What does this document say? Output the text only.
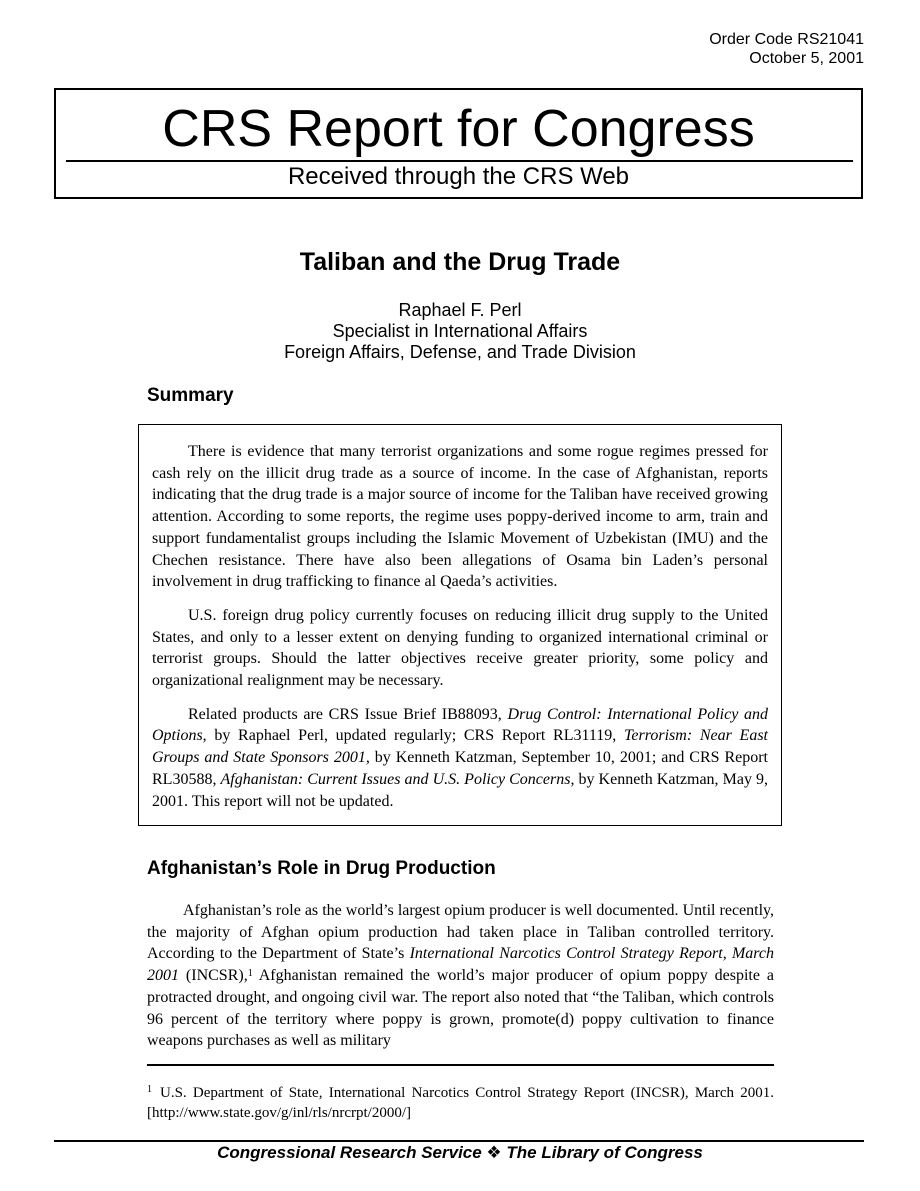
Order Code RS21041
October 5, 2001
CRS Report for Congress
Received through the CRS Web
Taliban and the Drug Trade
Raphael F. Perl
Specialist in International Affairs
Foreign Affairs, Defense, and Trade Division
Summary

There is evidence that many terrorist organizations and some rogue regimes pressed for cash rely on the illicit drug trade as a source of income. In the case of Afghanistan, reports indicating that the drug trade is a major source of income for the Taliban have received growing attention. According to some reports, the regime uses poppy-derived income to arm, train and support fundamentalist groups including the Islamic Movement of Uzbekistan (IMU) and the Chechen resistance. There have also been allegations of Osama bin Laden’s personal involvement in drug trafficking to finance al Qaeda’s activities.

U.S. foreign drug policy currently focuses on reducing illicit drug supply to the United States, and only to a lesser extent on denying funding to organized international criminal or terrorist groups. Should the latter objectives receive greater priority, some policy and organizational realignment may be necessary.

Related products are CRS Issue Brief IB88093, Drug Control: International Policy and Options, by Raphael Perl, updated regularly; CRS Report RL31119, Terrorism: Near East Groups and State Sponsors 2001, by Kenneth Katzman, September 10, 2001; and CRS Report RL30588, Afghanistan: Current Issues and U.S. Policy Concerns, by Kenneth Katzman, May 9, 2001. This report will not be updated.

Afghanistan’s Role in Drug Production

Afghanistan’s role as the world’s largest opium producer is well documented. Until recently, the majority of Afghan opium production had taken place in Taliban controlled territory. According to the Department of State’s International Narcotics Control Strategy Report, March 2001 (INCSR),$^1$ Afghanistan remained the world’s major producer of opium poppy despite a protracted drought, and ongoing civil war. The report also noted that “the Taliban, which controls 96 percent of the territory where poppy is grown, promote(d) poppy cultivation to finance weapons purchases as well as military

$^1$ U.S. Department of State, International Narcotics Control Strategy Report (INCSR), March 2001. [http://www.state.gov/g/inl/rls/nrcrpt/2000/]
Congressional Research Service ❖ The Library of Congress
